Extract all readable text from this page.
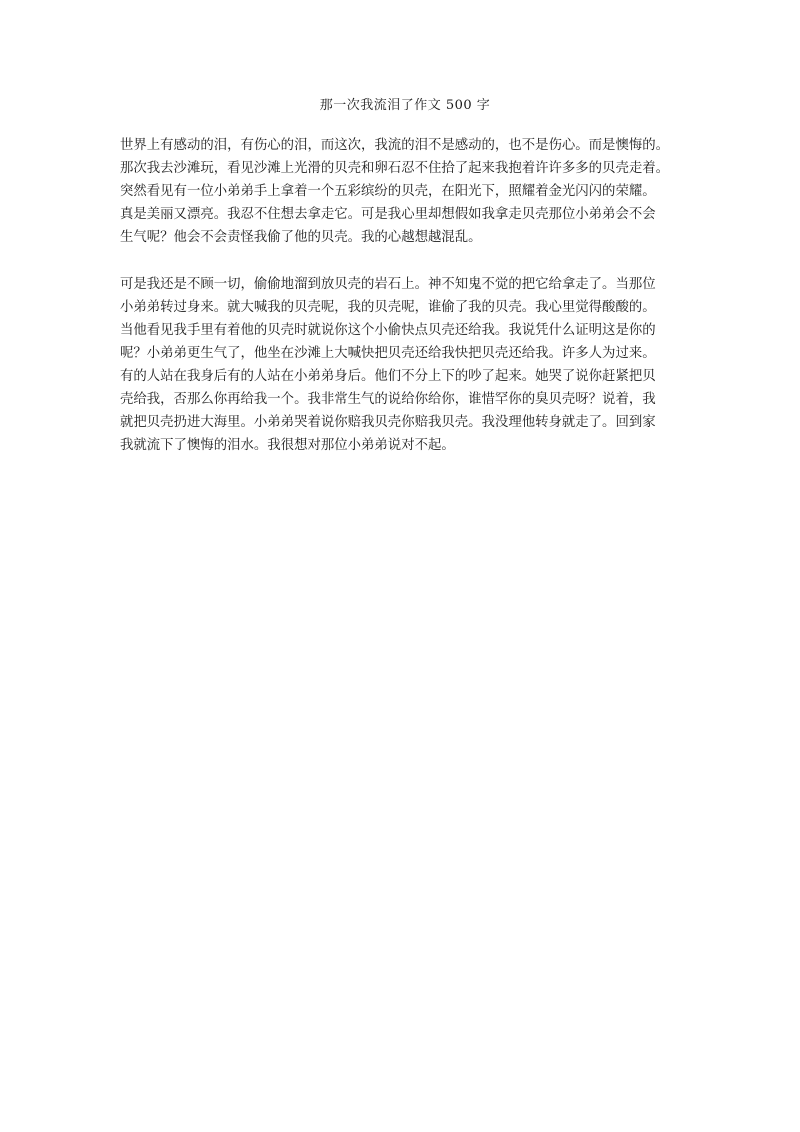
那一次我流泪了作文 500 字
世界上有感动的泪，有伤心的泪，而这次，我流的泪不是感动的，也不是伤心。而是懊悔的。
那次我去沙滩玩，看见沙滩上光滑的贝壳和卵石忍不住拾了起来我抱着许许多多的贝壳走着。
突然看见有一位小弟弟手上拿着一个五彩缤纷的贝壳，在阳光下，照耀着金光闪闪的荣耀。
真是美丽又漂亮。我忍不住想去拿走它。可是我心里却想假如我拿走贝壳那位小弟弟会不会
生气呢？他会不会责怪我偷了他的贝壳。我的心越想越混乱。
可是我还是不顾一切，偷偷地溜到放贝壳的岩石上。神不知鬼不觉的把它给拿走了。当那位
小弟弟转过身来。就大喊我的贝壳呢，我的贝壳呢，谁偷了我的贝壳。我心里觉得酸酸的。
当他看见我手里有着他的贝壳时就说你这个小偷快点贝壳还给我。我说凭什么证明这是你的
呢？小弟弟更生气了，他坐在沙滩上大喊快把贝壳还给我快把贝壳还给我。许多人为过来。
有的人站在我身后有的人站在小弟弟身后。他们不分上下的吵了起来。她哭了说你赶紧把贝
壳给我，否那么你再给我一个。我非常生气的说给你给你，谁惜罕你的臭贝壳呀？说着，我
就把贝壳扔进大海里。小弟弟哭着说你赔我贝壳你赔我贝壳。我没理他转身就走了。回到家
我就流下了懊悔的泪水。我很想对那位小弟弟说对不起。
